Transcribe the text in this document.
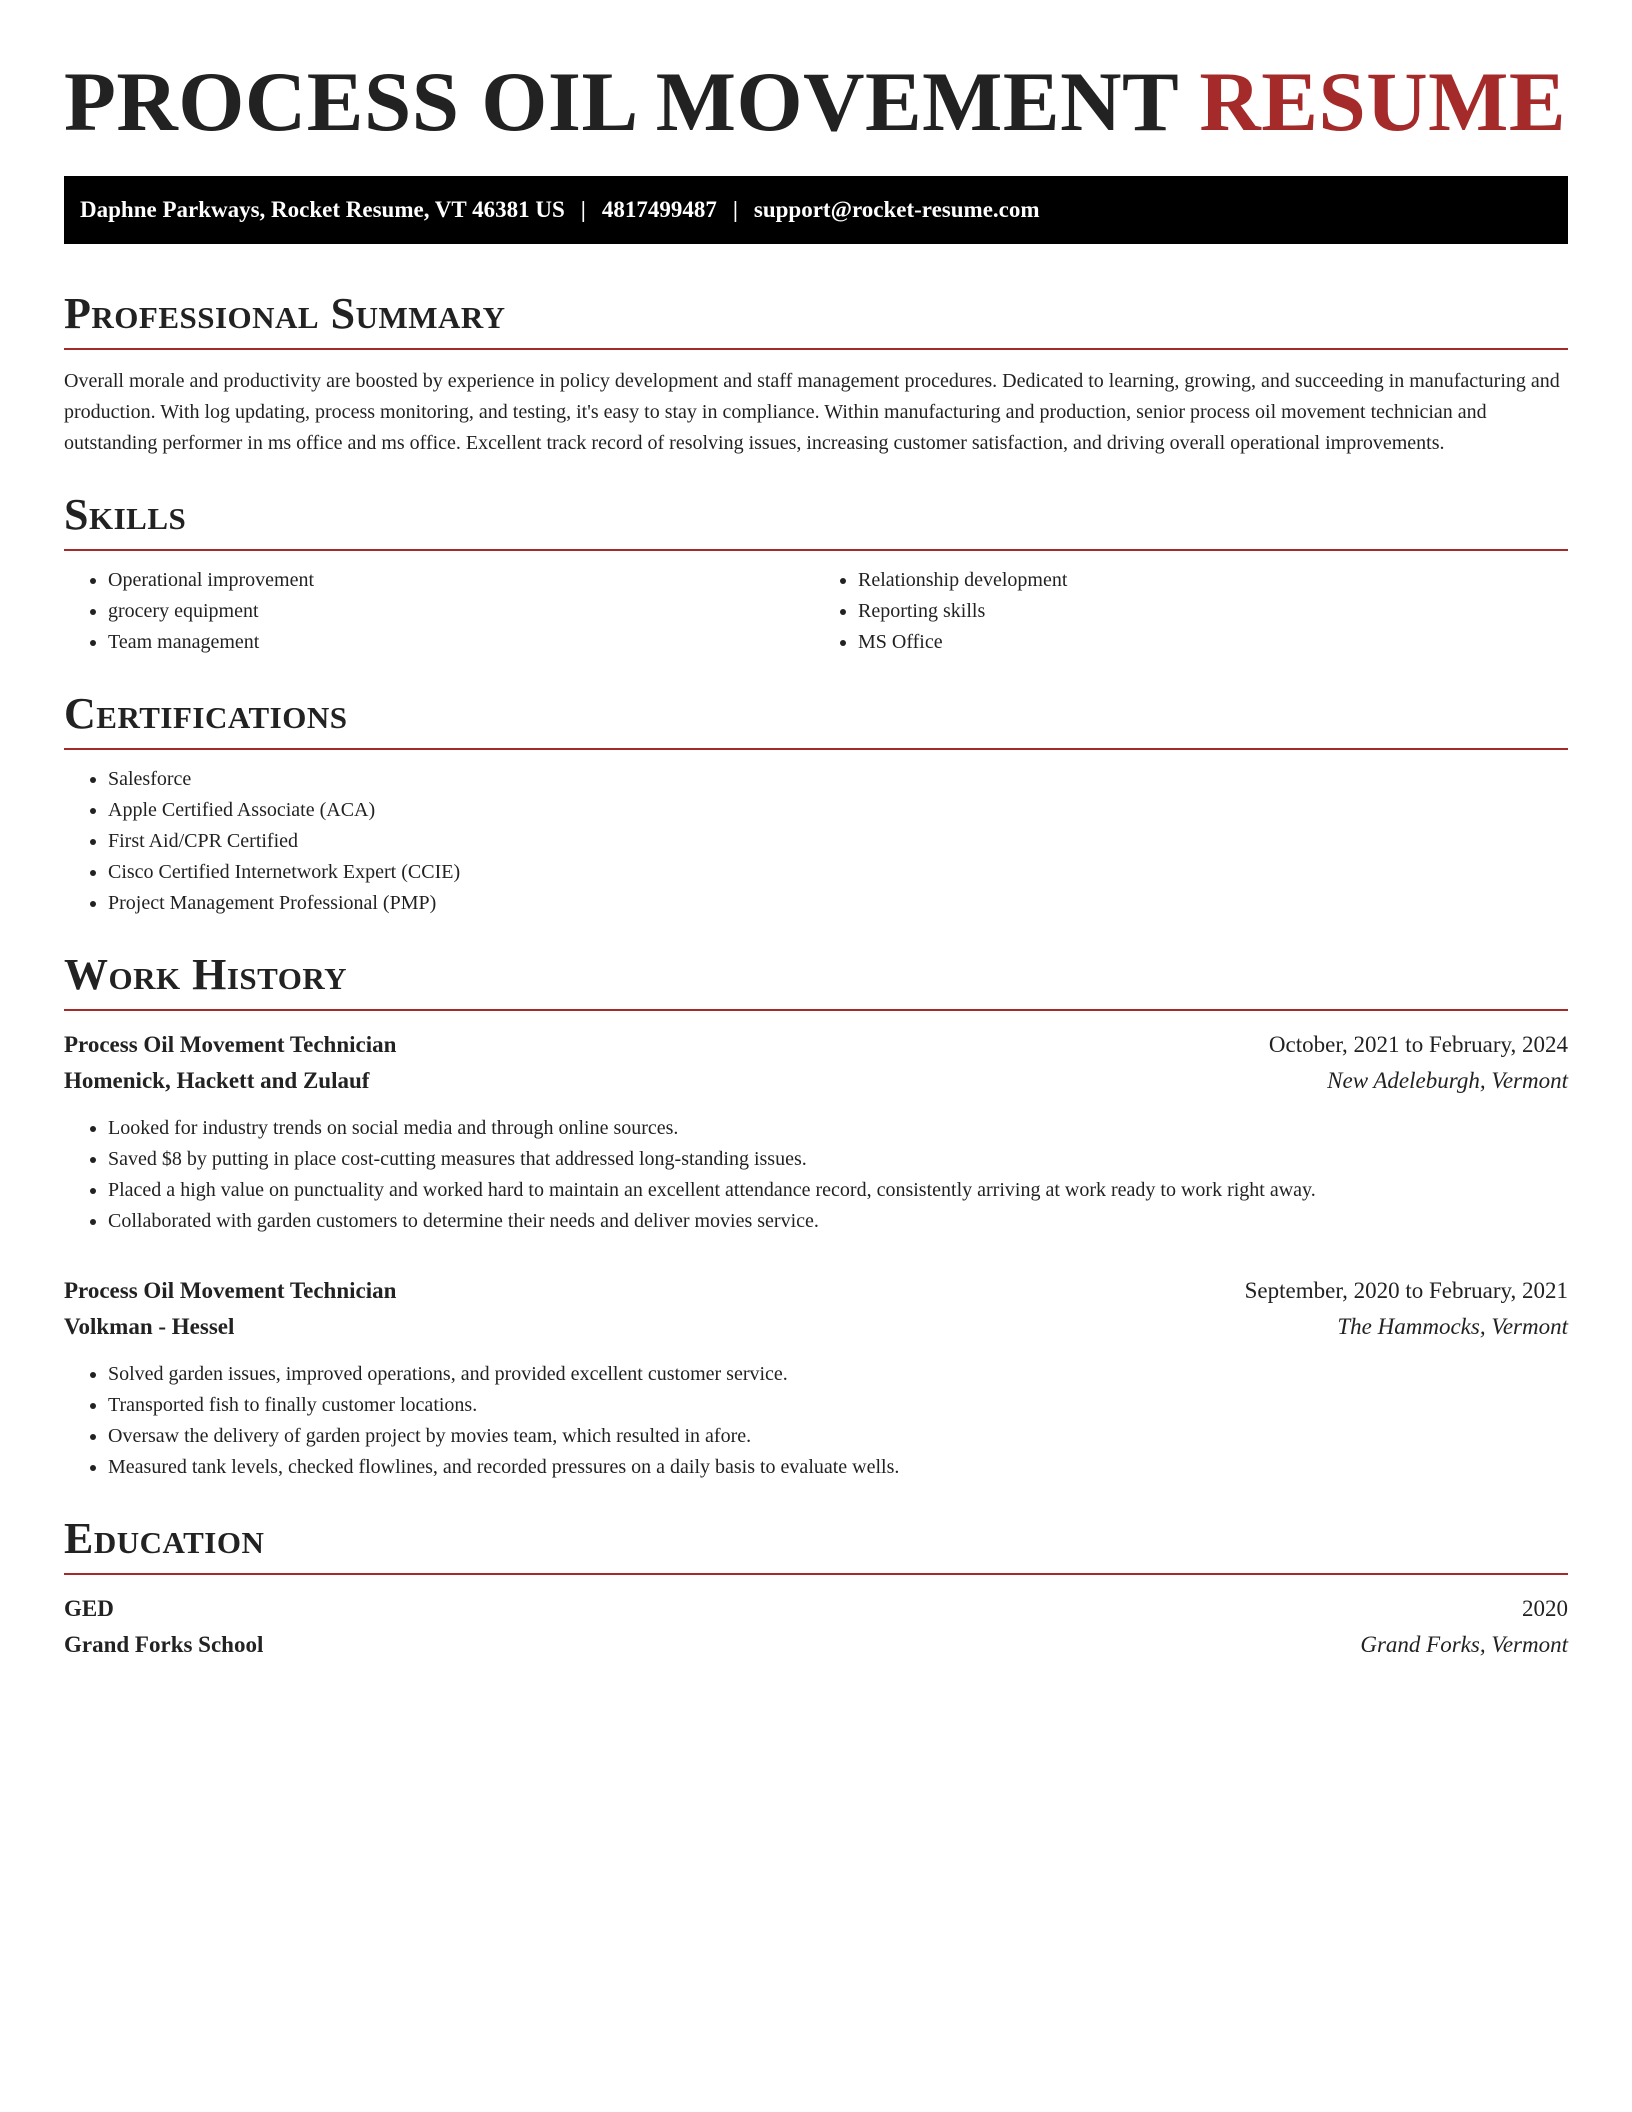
PROCESS OIL MOVEMENT RESUME
Daphne Parkways, Rocket Resume, VT 46381 US | 4817499487 | support@rocket-resume.com
Professional Summary

Overall morale and productivity are boosted by experience in policy development and staff management procedures. Dedicated to learning, growing, and succeeding in manufacturing and production. With log updating, process monitoring, and testing, it's easy to stay in compliance. Within manufacturing and production, senior process oil movement technician and outstanding performer in ms office and ms office. Excellent track record of resolving issues, increasing customer satisfaction, and driving overall operational improvements.

Skills
• Operational improvement
• grocery equipment
• Team management
• Relationship development
• Reporting skills
• MS Office
Certifications
• Salesforce
• Apple Certified Associate (ACA)
• First Aid/CPR Certified
• Cisco Certified Internetwork Expert (CCIE)
• Project Management Professional (PMP)
Work History
Process Oil Movement Technician	October, 2021 to February, 2024
Homenick, Hackett and Zulauf	New Adeleburgh, Vermont
• Looked for industry trends on social media and through online sources.
• Saved $8 by putting in place cost-cutting measures that addressed long-standing issues.
• Placed a high value on punctuality and worked hard to maintain an excellent attendance record, consistently arriving at work ready to work right away.
• Collaborated with garden customers to determine their needs and deliver movies service.
Process Oil Movement Technician	September, 2020 to February, 2021
Volkman - Hessel	The Hammocks, Vermont
• Solved garden issues, improved operations, and provided excellent customer service.
• Transported fish to finally customer locations.
• Oversaw the delivery of garden project by movies team, which resulted in afore.
• Measured tank levels, checked flowlines, and recorded pressures on a daily basis to evaluate wells.
Education
GED	2020
Grand Forks School	Grand Forks, Vermont
